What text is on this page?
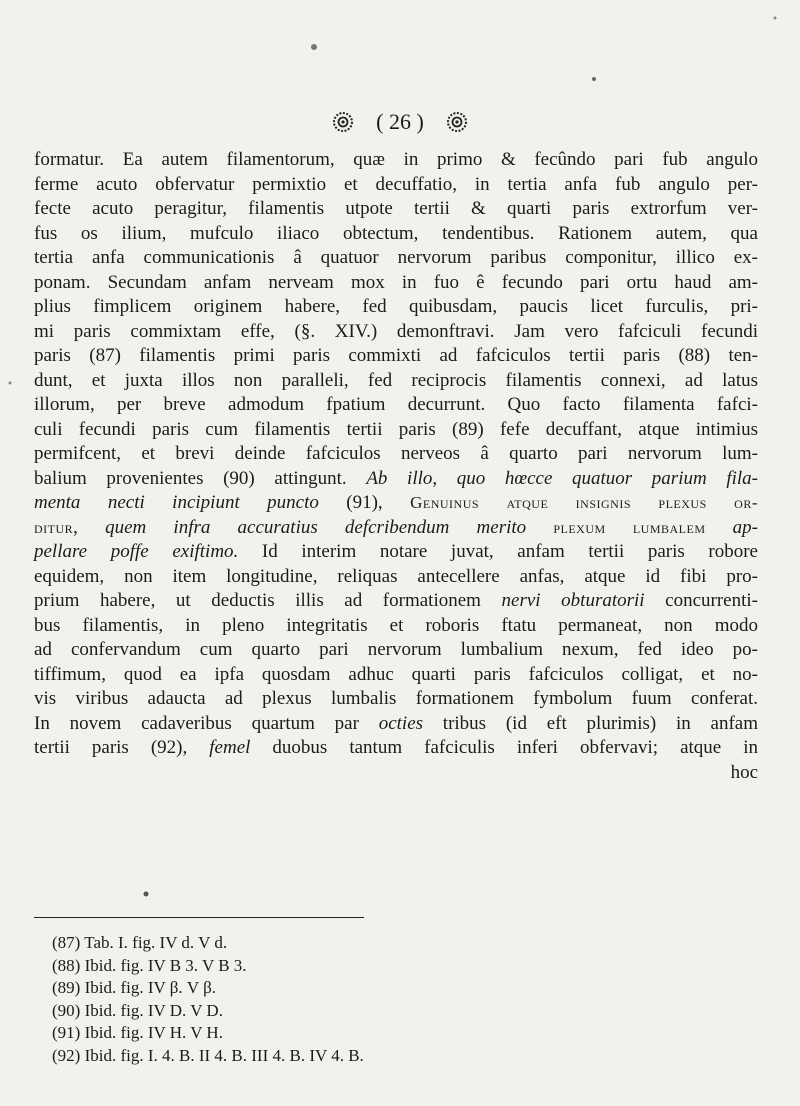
( 26 )
formatur. Ea autem filamentorum, quæ in primo & fecûndo pari fub angulo
ferme acuto obfervatur permixtio et decuffatio, in tertia anfa fub angulo per-
fecte acuto peragitur, filamentis utpote tertii & quarti paris extrorfum ver-
fus os ilium, mufculo iliaco obtectum, tendentibus. Rationem autem, qua
tertia anfa communicationis â quatuor nervorum paribus componitur, illico ex-
ponam. Secundam anfam nerveam mox in fuo ê fecundo pari ortu haud am-
plius fimplicem originem habere, fed quibusdam, paucis licet furculis, pri-
mi paris commixtam effe, (§. XIV.) demonftravi. Jam vero fafciculi fecundi
paris (87) filamentis primi paris commixti ad fafciculos tertii paris (88) ten-
dunt, et juxta illos non paralleli, fed reciprocis filamentis connexi, ad latus
illorum, per breve admodum fpatium decurrunt. Quo facto filamenta fafci-
culi fecundi paris cum filamentis tertii paris (89) fefe decuffant, atque intimius
permifcent, et brevi deinde fafciculos nerveos â quarto pari nervorum lum-
balium provenientes (90) attingunt. Ab illo, quo hœcce quatuor parium fila-
menta necti incipiunt puncto (91), Genuinus atque insignis plexus or-
ditur, quem infra accuratius defcribendum merito plexum lumbalem ap-
pellare poffe exiftimo. Id interim notare juvat, anfam tertii paris robore
equidem, non item longitudine, reliquas antecellere anfas, atque id fibi pro-
prium habere, ut deductis illis ad formationem nervi obturatorii concurrenti-
bus filamentis, in pleno integritatis et roboris ftatu permaneat, non modo
ad confervandum cum quarto pari nervorum lumbalium nexum, fed ideo po-
tiffimum, quod ea ipfa quosdam adhuc quarti paris fafciculos colligat, et no-
vis viribus adaucta ad plexus lumbalis formationem fymbolum fuum conferat.
In novem cadaveribus quartum par octies tribus (id eft plurimis) in anfam
tertii paris (92), femel duobus tantum fafciculis inferi obfervavi; atque in
hoc
(87) Tab. I. fig. IV d. V d.
(88) Ibid. fig. IV B 3. V B 3.
(89) Ibid. fig. IV β. V β.
(90) Ibid. fig. IV D. V D.
(91) Ibid. fig. IV H. V H.
(92) Ibid. fig. I. 4. B. II 4. B. III 4. B. IV 4. B.
